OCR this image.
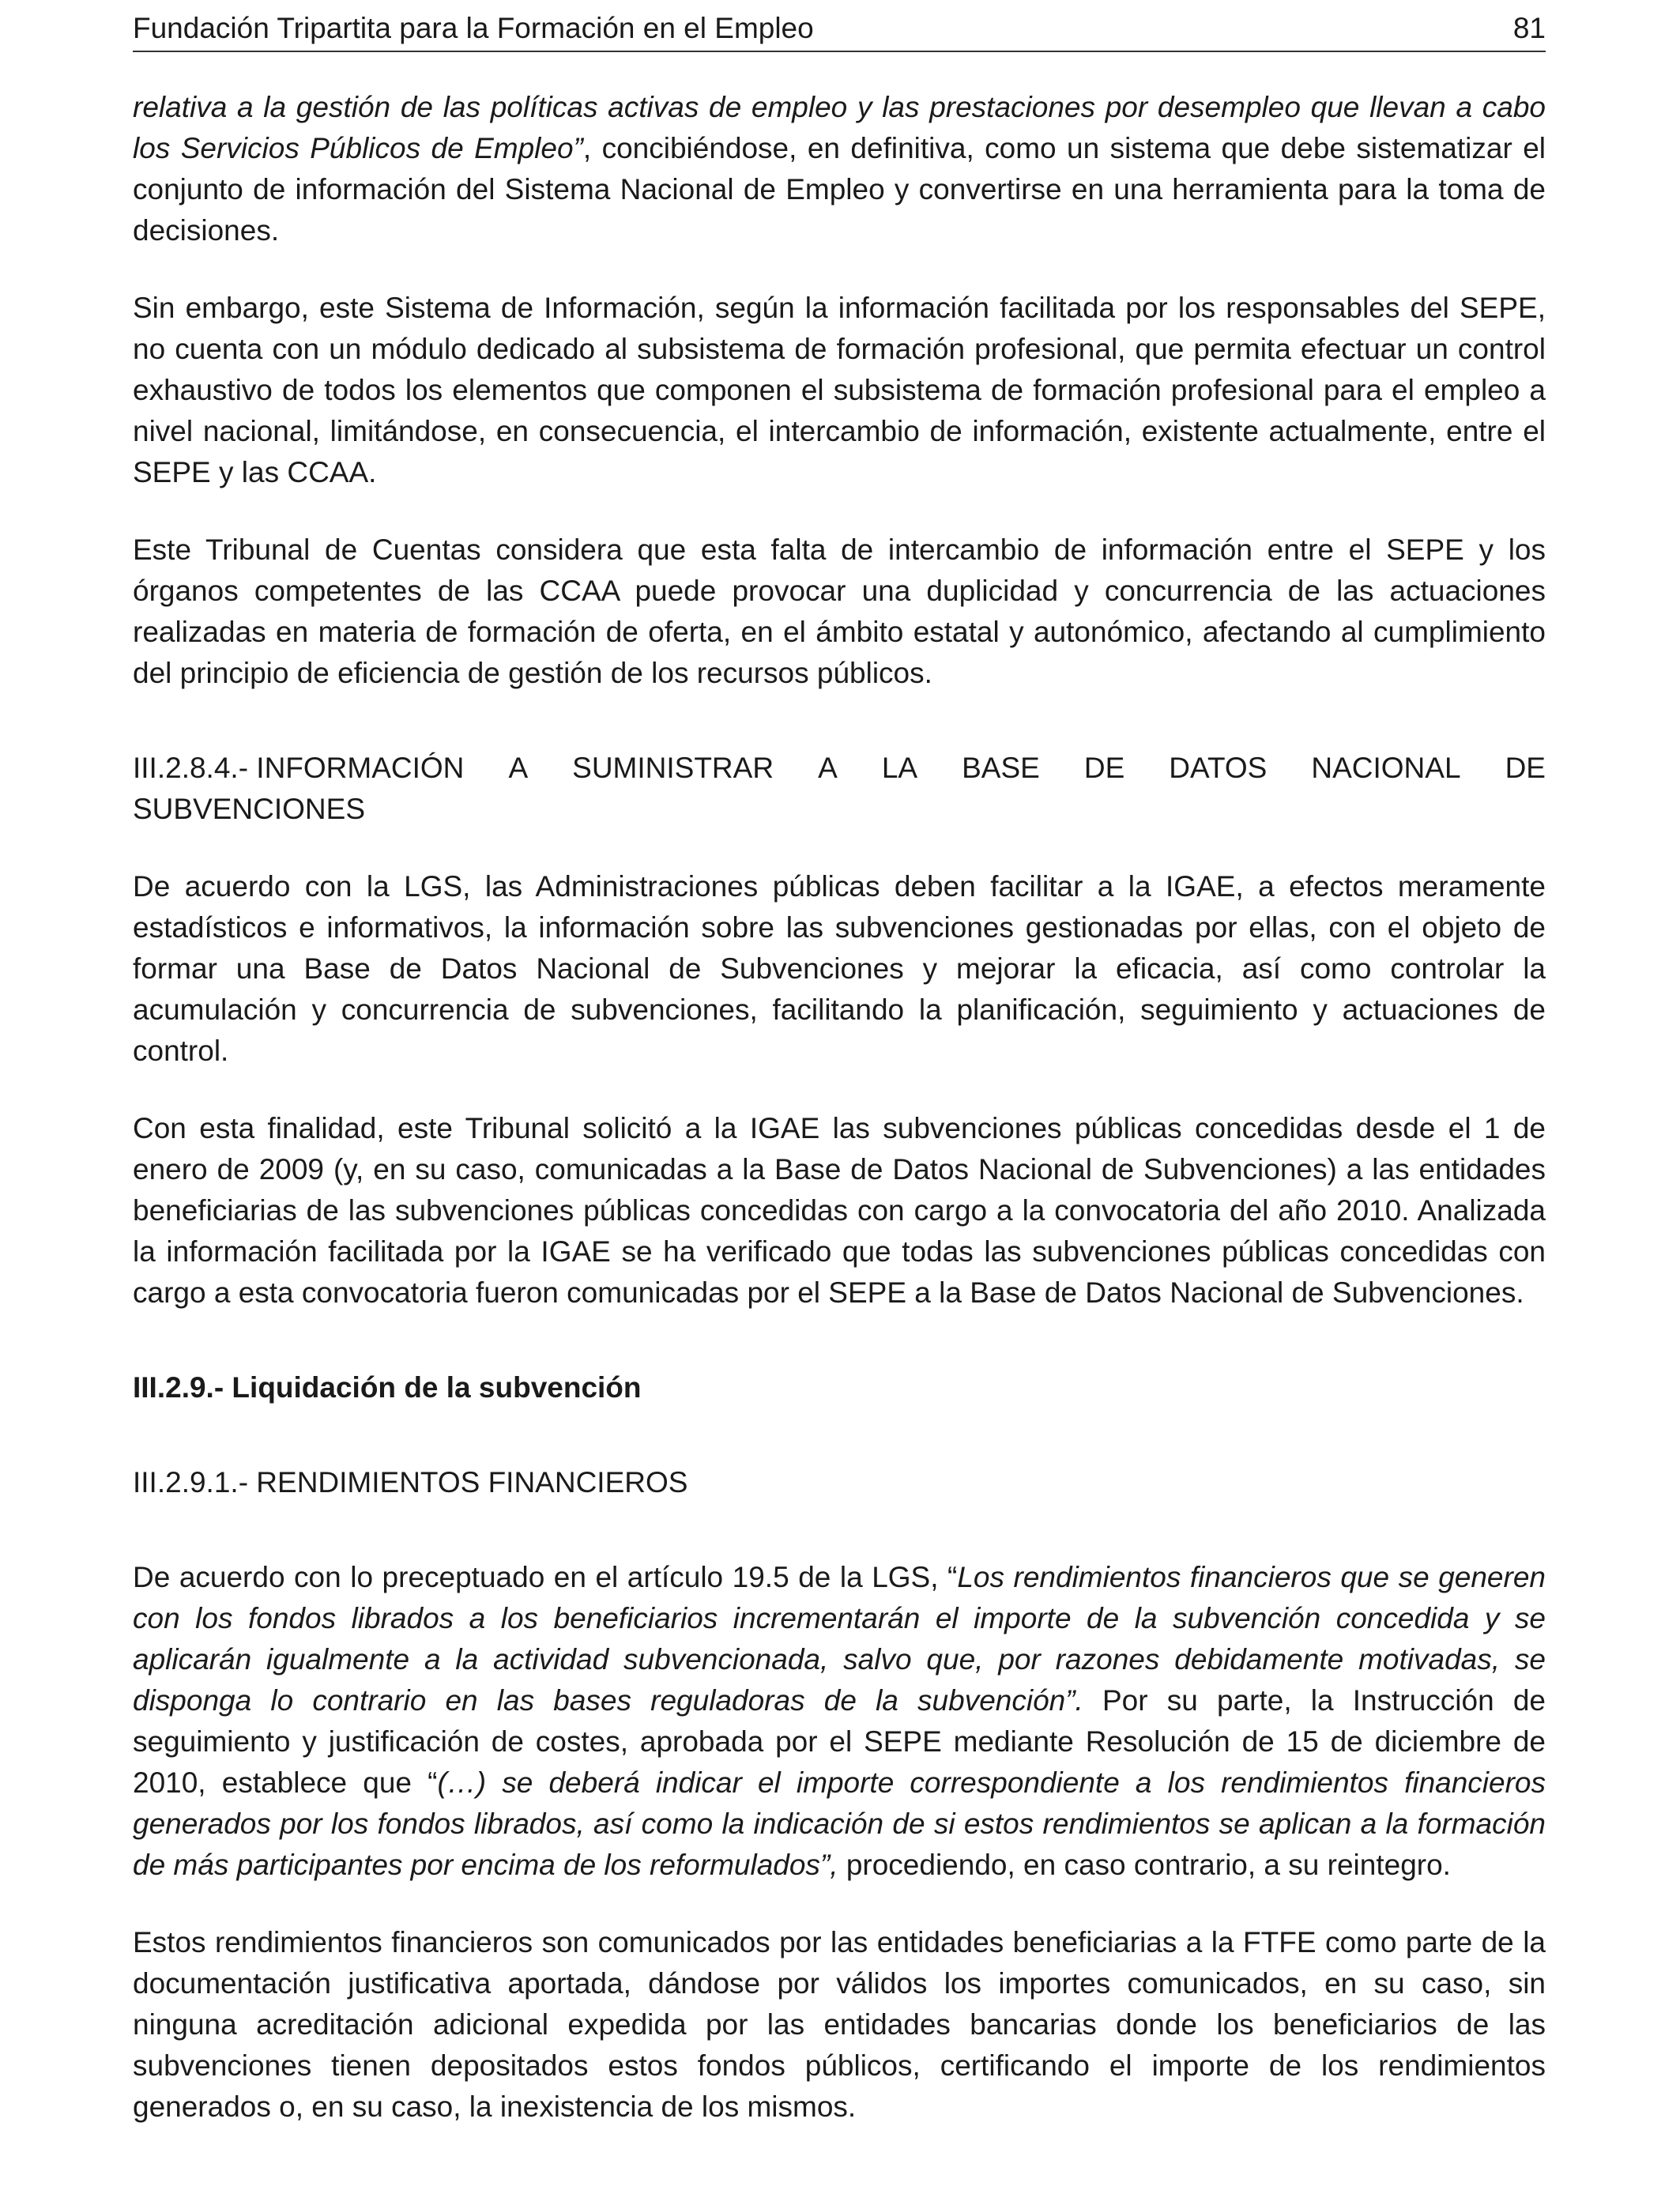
Fundación Tripartita para la Formación en el Empleo	81

relativa a la gestión de las políticas activas de empleo y las prestaciones por desempleo que llevan a cabo los Servicios Públicos de Empleo”, concibiéndose, en definitiva, como un sistema que debe sistematizar el conjunto de información del Sistema Nacional de Empleo y convertirse en una herramienta para la toma de decisiones.

Sin embargo, este Sistema de Información, según la información facilitada por los responsables del SEPE, no cuenta con un módulo dedicado al subsistema de formación profesional, que permita efectuar un control exhaustivo de todos los elementos que componen el subsistema de formación profesional para el empleo a nivel nacional, limitándose, en consecuencia, el intercambio de información, existente actualmente, entre el SEPE y las CCAA.

Este Tribunal de Cuentas considera que esta falta de intercambio de información entre el SEPE y los órganos competentes de las CCAA puede provocar una duplicidad y concurrencia de las actuaciones realizadas en materia de formación de oferta, en el ámbito estatal y autonómico, afectando al cumplimiento del principio de eficiencia de gestión de los recursos públicos.

III.2.8.4.- INFORMACIÓN A SUMINISTRAR A LA BASE DE DATOS NACIONAL DE
SUBVENCIONES

De acuerdo con la LGS, las Administraciones públicas deben facilitar a la IGAE, a efectos meramente estadísticos e informativos, la información sobre las subvenciones gestionadas por ellas, con el objeto de formar una Base de Datos Nacional de Subvenciones y mejorar la eficacia, así como controlar la acumulación y concurrencia de subvenciones, facilitando la planificación, seguimiento y actuaciones de control.

Con esta finalidad, este Tribunal solicitó a la IGAE las subvenciones públicas concedidas desde el 1 de enero de 2009 (y, en su caso, comunicadas a la Base de Datos Nacional de Subvenciones) a las entidades beneficiarias de las subvenciones públicas concedidas con cargo a la convocatoria del año 2010. Analizada la información facilitada por la IGAE se ha verificado que todas las subvenciones públicas concedidas con cargo a esta convocatoria fueron comunicadas por el SEPE a la Base de Datos Nacional de Subvenciones.

III.2.9.- Liquidación de la subvención

III.2.9.1.- RENDIMIENTOS FINANCIEROS

De acuerdo con lo preceptuado en el artículo 19.5 de la LGS, “Los rendimientos financieros que se generen con los fondos librados a los beneficiarios incrementarán el importe de la subvención concedida y se aplicarán igualmente a la actividad subvencionada, salvo que, por razones debidamente motivadas, se disponga lo contrario en las bases reguladoras de la subvención”. Por su parte, la Instrucción de seguimiento y justificación de costes, aprobada por el SEPE mediante Resolución de 15 de diciembre de 2010, establece que “(…) se deberá indicar el importe correspondiente a los rendimientos financieros generados por los fondos librados, así como la indicación de si estos rendimientos se aplican a la formación de más participantes por encima de los reformulados”, procediendo, en caso contrario, a su reintegro.

Estos rendimientos financieros son comunicados por las entidades beneficiarias a la FTFE como parte de la documentación justificativa aportada, dándose por válidos los importes comunicados, en su caso, sin ninguna acreditación adicional expedida por las entidades bancarias donde los beneficiarios de las subvenciones tienen depositados estos fondos públicos, certificando el importe de los rendimientos generados o, en su caso, la inexistencia de los mismos.
